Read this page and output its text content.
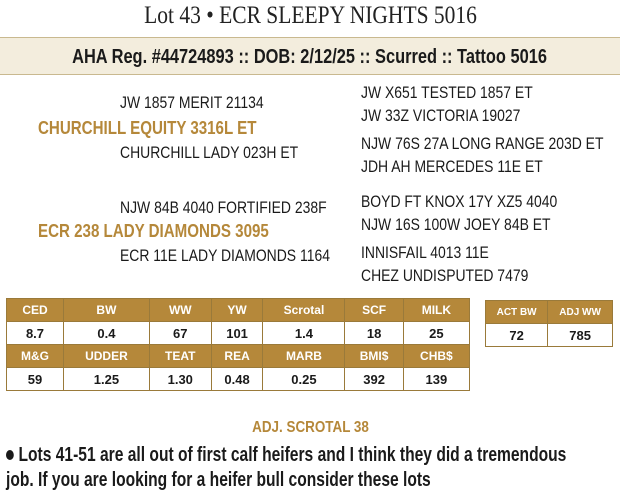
Lot 43 • ECR SLEEPY NIGHTS 5016
AHA Reg. #44724893 :: DOB: 2/12/25 :: Scurred :: Tattoo 5016
JW 1857 MERIT 21134
CHURCHILL EQUITY 3316L ET
CHURCHILL LADY 023H ET
JW X651 TESTED 1857 ET
JW 33Z VICTORIA 19027
NJW 76S 27A LONG RANGE 203D ET
JDH AH MERCEDES 11E ET
NJW 84B 4040 FORTIFIED 238F
ECR 238 LADY DIAMONDS 3095
ECR 11E LADY DIAMONDS 1164
BOYD FT KNOX 17Y XZ5 4040
NJW 16S 100W JOEY 84B ET
INNISFAIL 4013 11E
CHEZ UNDISPUTED 7479
CED	BW	WW	YW	Scrotal	SCF	MILK
8.7	0.4	67	101	1.4	18	25
M&G	UDDER	TEAT	REA	MARB	BMI$	CHB$
59	1.25	1.30	0.48	0.25	392	139
ACT BW	ADJ WW
72	785
ADJ. SCROTAL 38
Lots 41-51 are all out of first calf heifers and I think they did a tremendous
job. If you are looking for a heifer bull consider these lots
